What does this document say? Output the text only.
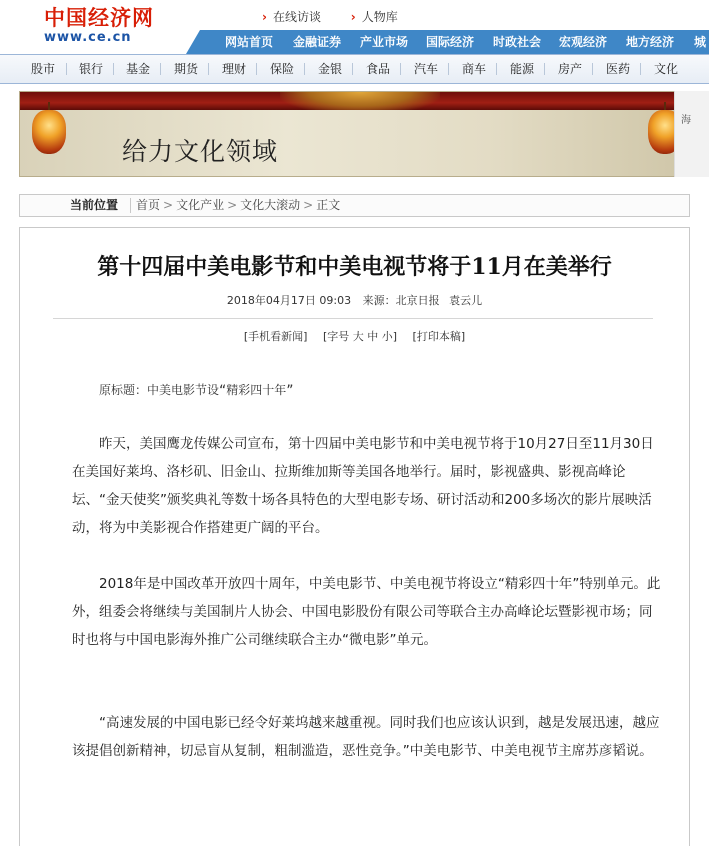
中国经济网
www.ce.cn
› 在线访谈 ›	人物库
网站首页 金融证券 产业市场 国际经济 时政社会 宏观经济 地方经济 城
股市 银行 基金 期货 理财 保险 金银 食品 汽车 商车 能源 房产 医药 文化
给力文化领域
海
当前位置 首页 > 文化产业 > 文化大滚动 > 正文
第十四届中美电影节和中美电视节将于11月在美举行
2018年04月17日 09:03 来源：北京日报 袁云儿
[手机看新闻] [字号 大 中 小] [打印本稿]

原标题：中美电影节设“精彩四十年”

昨天，美国鹰龙传媒公司宣布，第十四届中美电影节和中美电视节将于10月27日至11月30日在美国好莱坞、洛杉矶、旧金山、拉斯维加斯等美国各地举行。届时，影视盛典、影视高峰论坛、“金天使奖”颁奖典礼等数十场各具特色的大型电影专场、研讨活动和200多场次的影片展映活动，将为中美影视合作搭建更广阔的平台。

2018年是中国改革开放四十周年，中美电影节、中美电视节将设立“精彩四十年”特别单元。此外，组委会将继续与美国制片人协会、中国电影股份有限公司等联合主办高峰论坛暨影视市场；同时也将与中国电影海外推广公司继续联合主办“微电影”单元。

“高速发展的中国电影已经令好莱坞越来越重视。同时我们也应该认识到，越是发展迅速，越应该提倡创新精神，切忌盲从复制，粗制滥造，恶性竞争。”中美电影节、中美电视节主席苏彦韬说。
